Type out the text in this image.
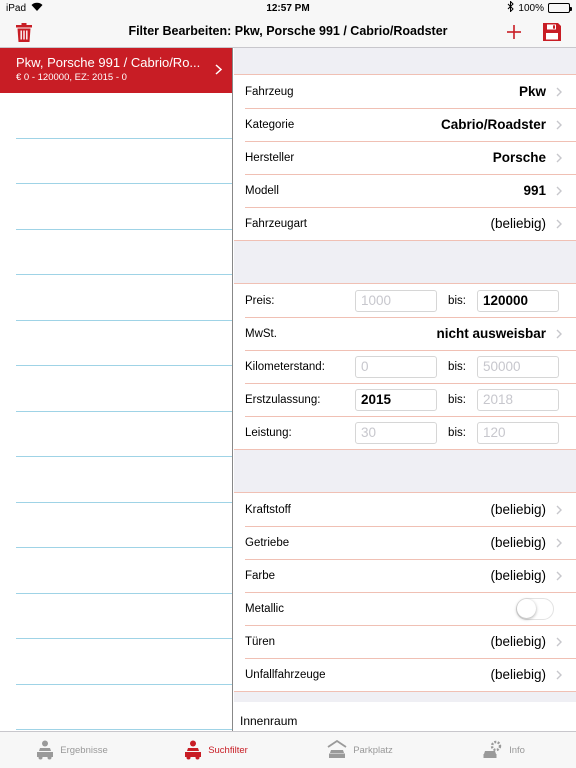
iPad	12:57 PM	100%
Filter Bearbeiten: Pkw, Porsche 991 / Cabrio/Roadster
Pkw, Porsche 991 / Cabrio/Ro...
€ 0 - 120000, EZ: 2015 - 0
Fahrzeug	Pkw
Kategorie	Cabrio/Roadster
Hersteller	Porsche
Modell	991
Fahrzeugart	(beliebig)
Preis:	1000	bis:	120000
MwSt.	nicht ausweisbar
Kilometerstand:	0	bis:	50000
Erstzulassung:	2015	bis:	2018
Leistung:	30	bis:	120
Kraftstoff	(beliebig)
Getriebe	(beliebig)
Farbe	(beliebig)
Metallic
Türen	(beliebig)
Unfallfahrzeuge	(beliebig)
Innenraum
Ergebnisse	Suchfilter	Parkplatz	Info
